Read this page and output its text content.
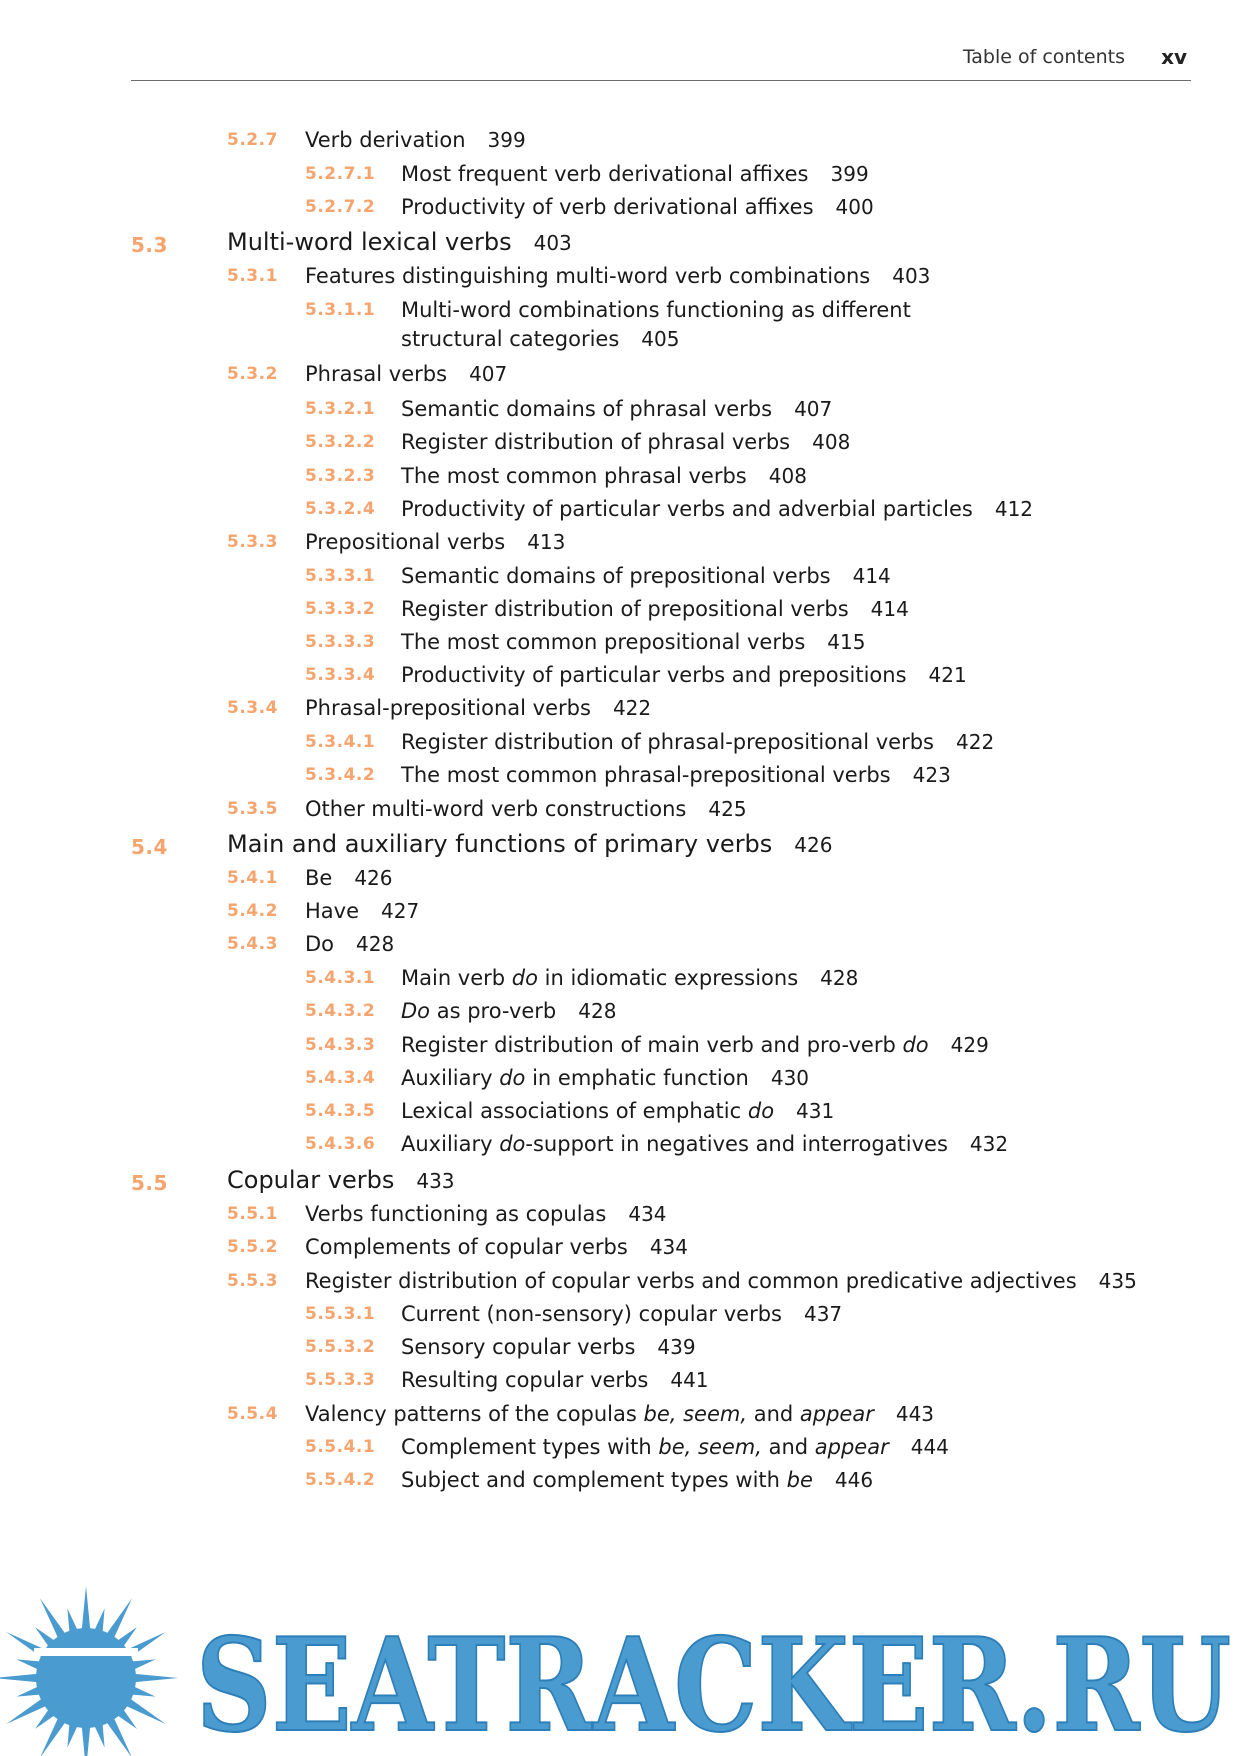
Table of contents xv
5.2.7 Verb derivation 399
5.2.7.1 Most frequent verb derivational affixes 399
5.2.7.2 Productivity of verb derivational affixes 400
5.3 Multi-word lexical verbs 403
5.3.1 Features distinguishing multi-word verb combinations 403
5.3.1.1 Multi-word combinations functioning as different
structural categories 405
5.3.2 Phrasal verbs 407
5.3.2.1 Semantic domains of phrasal verbs 407
5.3.2.2 Register distribution of phrasal verbs 408
5.3.2.3 The most common phrasal verbs 408
5.3.2.4 Productivity of particular verbs and adverbial particles 412
5.3.3 Prepositional verbs 413
5.3.3.1 Semantic domains of prepositional verbs 414
5.3.3.2 Register distribution of prepositional verbs 414
5.3.3.3 The most common prepositional verbs 415
5.3.3.4 Productivity of particular verbs and prepositions 421
5.3.4 Phrasal-prepositional verbs 422
5.3.4.1 Register distribution of phrasal-prepositional verbs 422
5.3.4.2 The most common phrasal-prepositional verbs 423
5.3.5 Other multi-word verb constructions 425
5.4 Main and auxiliary functions of primary verbs 426
5.4.1 Be 426
5.4.2 Have 427
5.4.3 Do 428
5.4.3.1 Main verb do in idiomatic expressions 428
5.4.3.2 Do as pro-verb 428
5.4.3.3 Register distribution of main verb and pro-verb do 429
5.4.3.4 Auxiliary do in emphatic function 430
5.4.3.5 Lexical associations of emphatic do 431
5.4.3.6 Auxiliary do-support in negatives and interrogatives 432
5.5 Copular verbs 433
5.5.1 Verbs functioning as copulas 434
5.5.2 Complements of copular verbs 434
5.5.3 Register distribution of copular verbs and common predicative adjectives 435
5.5.3.1 Current (non-sensory) copular verbs 437
5.5.3.2 Sensory copular verbs 439
5.5.3.3 Resulting copular verbs 441
5.5.4 Valency patterns of the copulas be, seem, and appear 443
5.5.4.1 Complement types with be, seem, and appear 444
5.5.4.2 Subject and complement types with be 446
SEATRACKER.RU
